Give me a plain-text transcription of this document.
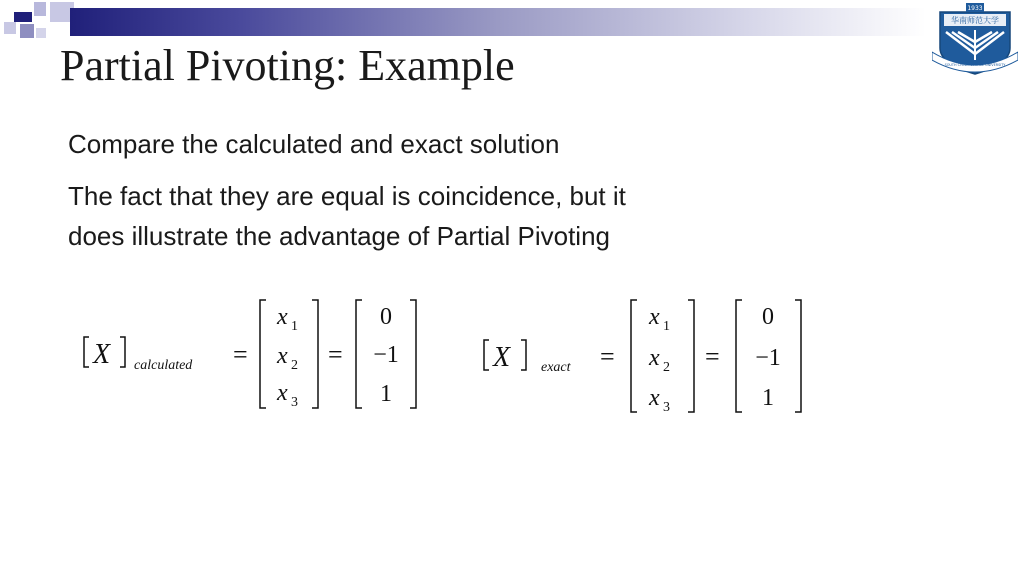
华南师范大学
1933
SOUTH CHINA NORMAL UNIVERSITY
Partial Pivoting: Example
Compare the calculated and exact solution
The fact that they are equal is coincidence, but it
does illustrate the advantage of Partial Pivoting
X calculated =
x 1
x 2
x 3
=
0
−1
1
X exact =
x 1
x 2
x 3
=
0
−1
1
